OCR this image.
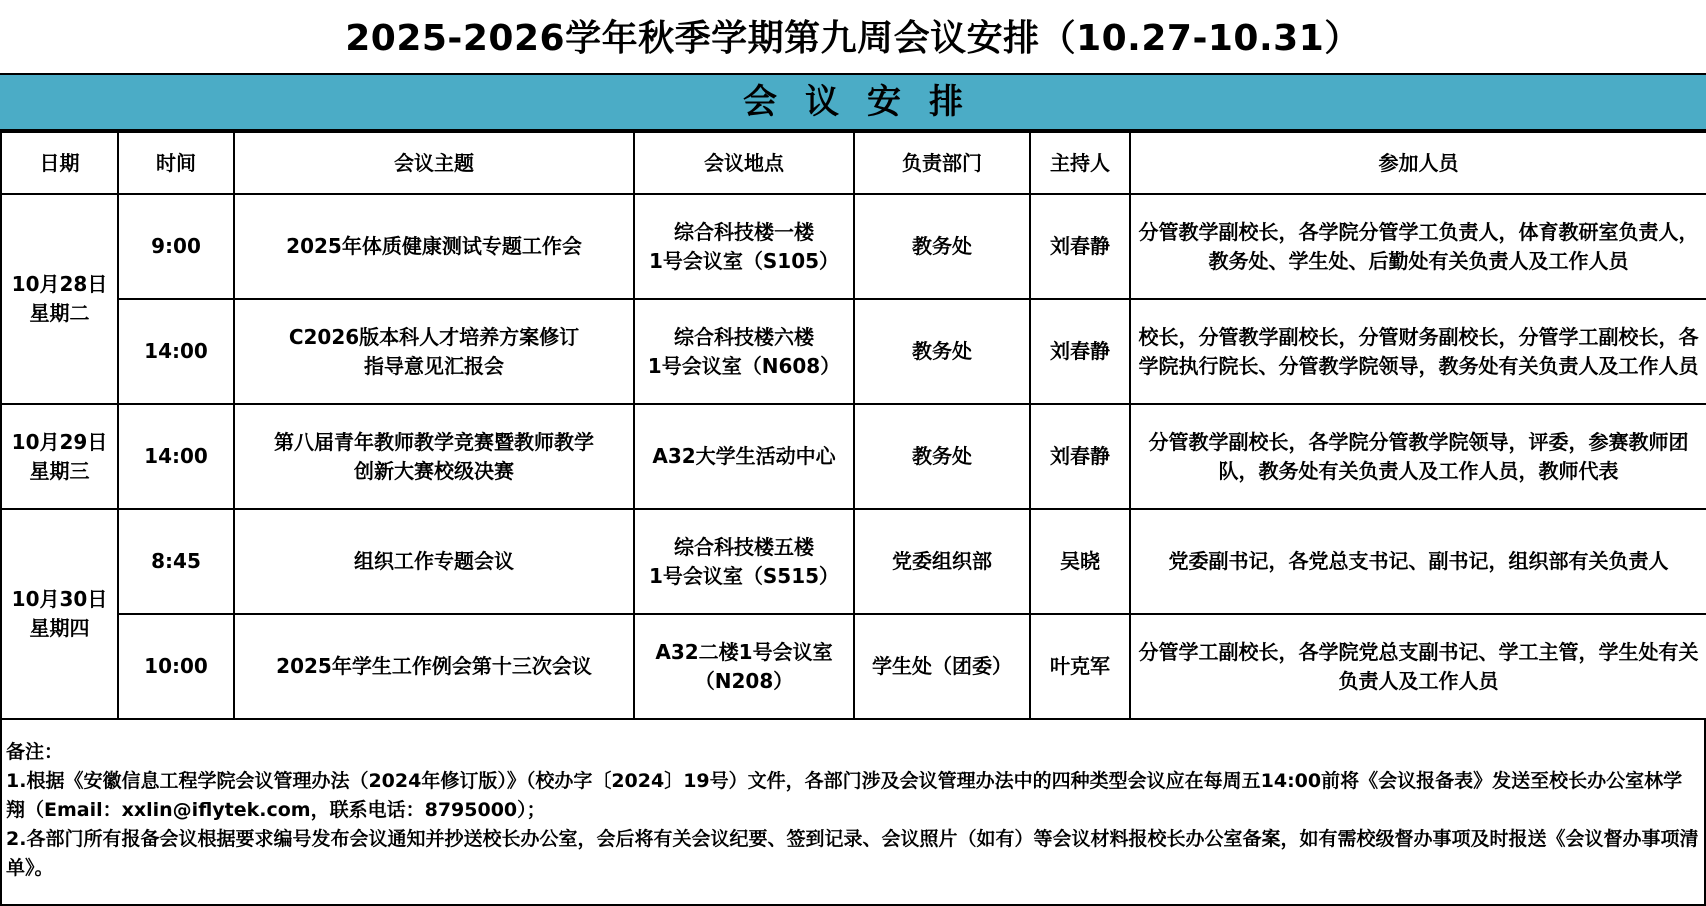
2025-2026学年秋季学期第九周会议安排（10.27-10.31）
会议安排
日期	时间	会议主题	会议地点	负责部门	主持人	参加人员

10月28日
星期二	9:00	2025年体质健康测试专题工作会	综合科技楼一楼
1号会议室（S105）	教务处	刘春静	分管教学副校长，各学院分管学工负责人，体育教研室负责人，教务处、学生处、后勤处有关负责人及工作人员
	14:00	C2026版本科人才培养方案修订
指导意见汇报会	综合科技楼六楼
1号会议室（N608）	教务处	刘春静	校长，分管教学副校长，分管财务副校长，分管学工副校长，各学院执行院长、分管教学院领导，教务处有关负责人及工作人员

10月29日
星期三	14:00	第八届青年教师教学竞赛暨教师教学
创新大赛校级决赛	A32大学生活动中心	教务处	刘春静	分管教学副校长，各学院分管教学院领导，评委，参赛教师团队，教务处有关负责人及工作人员，教师代表

10月30日
星期四	8:45	组织工作专题会议	综合科技楼五楼
1号会议室（S515）	党委组织部	吴晓	党委副书记，各党总支书记、副书记，组织部有关负责人
	10:00	2025年学生工作例会第十三次会议	A32二楼1号会议室
（N208）	学生处（团委）	叶克军	分管学工副校长，各学院党总支副书记、学工主管，学生处有关负责人及工作人员
备注：
1.根据《安徽信息工程学院会议管理办法（2024年修订版）》（校办字〔2024〕19号）文件，各部门涉及会议管理办法中的四种类型会议应在每周五14:00前将《会议报备表》发送至校长办公室林学翔（Email：xxlin@iflytek.com，联系电话：8795000）；
2.各部门所有报备会议根据要求编号发布会议通知并抄送校长办公室，会后将有关会议纪要、签到记录、会议照片（如有）等会议材料报校长办公室备案，如有需校级督办事项及时报送《会议督办事项清单》。
